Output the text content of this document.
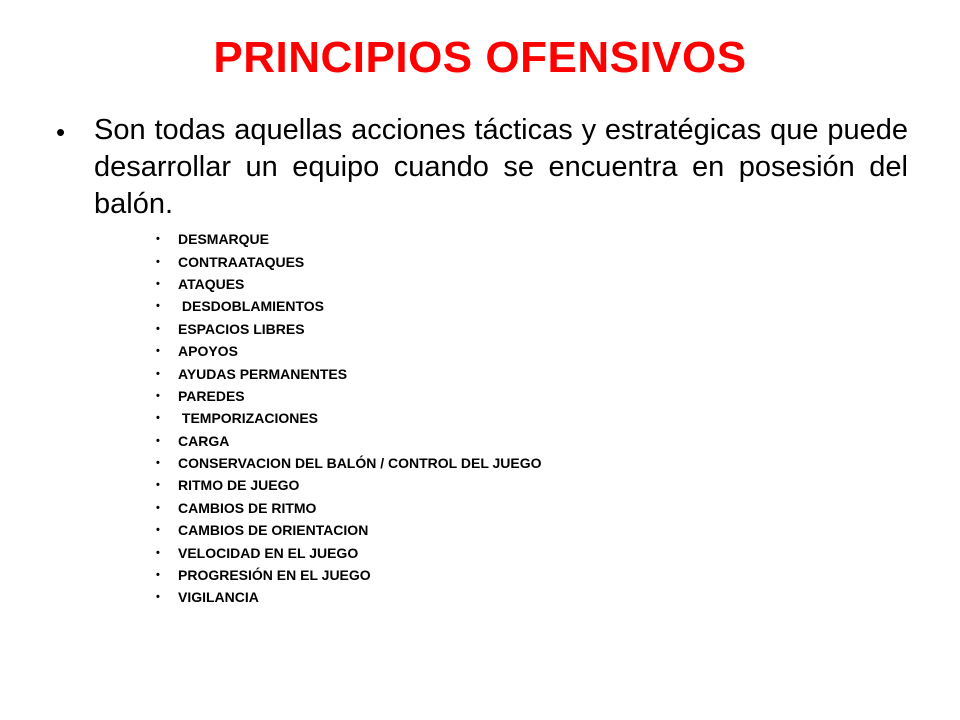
PRINCIPIOS OFENSIVOS
• Son todas aquellas acciones tácticas y estratégicas que puede desarrollar un equipo cuando se encuentra en posesión del balón.
•	DESMARQUE
•	CONTRAATAQUES
•	ATAQUES
•	DESDOBLAMIENTOS
•	ESPACIOS LIBRES
•	APOYOS
•	AYUDAS PERMANENTES
•	PAREDES
•	TEMPORIZACIONES
•	CARGA
•	CONSERVACION DEL BALÓN / CONTROL DEL JUEGO
•	RITMO DE JUEGO
•	CAMBIOS DE RITMO
•	CAMBIOS DE ORIENTACION
•	VELOCIDAD EN EL JUEGO
•	PROGRESIÓN EN EL JUEGO
•	VIGILANCIA
